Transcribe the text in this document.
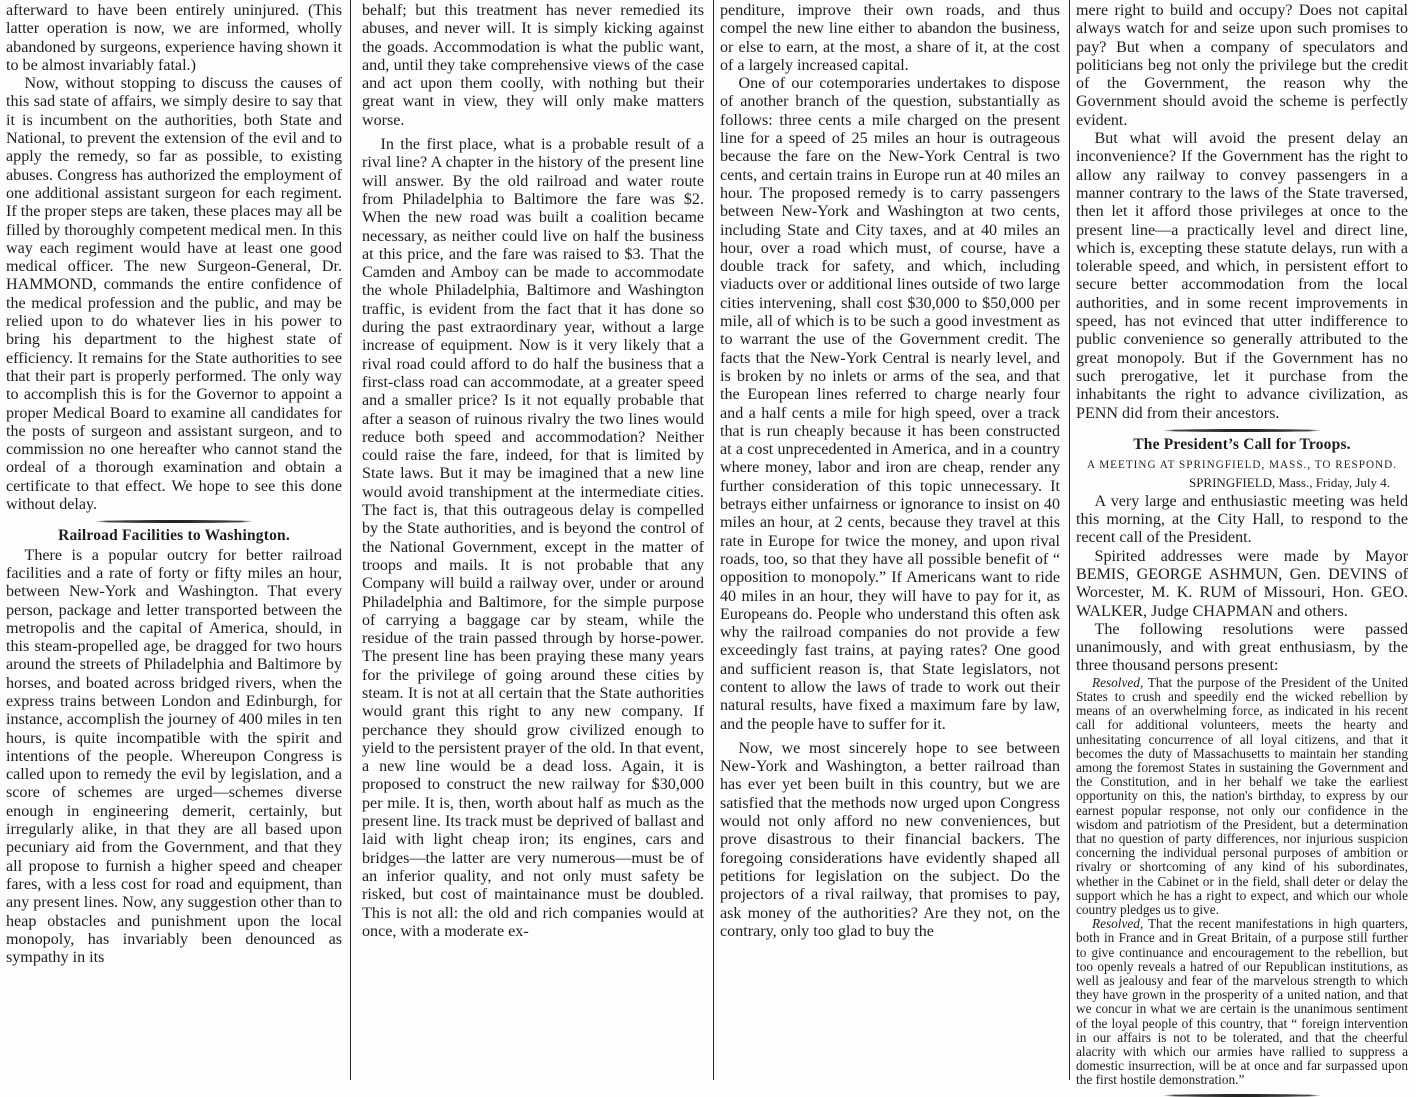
afterward to have been entirely uninjured. (This latter operation is now, we are informed, wholly abandoned by surgeons, experience having shown it to be almost invariably fatal.)

Now, without stopping to discuss the causes of this sad state of affairs, we simply desire to say that it is incumbent on the authorities, both State and National, to prevent the extension of the evil and to apply the remedy, so far as possible, to existing abuses. Congress has authorized the employment of one additional assistant surgeon for each regiment. If the proper steps are taken, these places may all be filled by thoroughly competent medical men. In this way each regiment would have at least one good medical officer. The new Surgeon-General, Dr. HAMMOND, commands the entire confidence of the medical profession and the public, and may be relied upon to do whatever lies in his power to bring his department to the highest state of efficiency. It remains for the State authorities to see that their part is properly performed. The only way to accomplish this is for the Governor to appoint a proper Medical Board to examine all candidates for the posts of surgeon and assistant surgeon, and to commission no one hereafter who cannot stand the ordeal of a thorough examination and obtain a certificate to that effect. We hope to see this done without delay.

Railroad Facilities to Washington.

There is a popular outcry for better railroad facilities and a rate of forty or fifty miles an hour, between New-York and Washington. That every person, package and letter transported between the metropolis and the capital of America, should, in this steam-propelled age, be dragged for two hours around the streets of Philadelphia and Baltimore by horses, and boated across bridged rivers, when the express trains between London and Edinburgh, for instance, accomplish the journey of 400 miles in ten hours, is quite incompatible with the spirit and intentions of the people. Whereupon Congress is called upon to remedy the evil by legislation, and a score of schemes are urged—schemes diverse enough in engineering demerit, certainly, but irregularly alike, in that they are all based upon pecuniary aid from the Government, and that they all propose to furnish a higher speed and cheaper fares, with a less cost for road and equipment, than any present lines. Now, any suggestion other than to heap obstacles and punishment upon the local monopoly, has invariably been denounced as sympathy in its

behalf; but this treatment has never remedied its abuses, and never will. It is simply kicking against the goads. Accommodation is what the public want, and, until they take comprehensive views of the case and act upon them coolly, with nothing but their great want in view, they will only make matters worse.

In the first place, what is a probable result of a rival line? A chapter in the history of the present line will answer. By the old railroad and water route from Philadelphia to Baltimore the fare was $2. When the new road was built a coalition became necessary, as neither could live on half the business at this price, and the fare was raised to $3. That the Camden and Amboy can be made to accommodate the whole Philadelphia, Baltimore and Washington traffic, is evident from the fact that it has done so during the past extraordinary year, without a large increase of equipment. Now is it very likely that a rival road could afford to do half the business that a first-class road can accommodate, at a greater speed and a smaller price? Is it not equally probable that after a season of ruinous rivalry the two lines would reduce both speed and accommodation? Neither could raise the fare, indeed, for that is limited by State laws. But it may be imagined that a new line would avoid transhipment at the intermediate cities. The fact is, that this outrageous delay is compelled by the State authorities, and is beyond the control of the National Government, except in the matter of troops and mails. It is not probable that any Company will build a railway over, under or around Philadelphia and Baltimore, for the simple purpose of carrying a baggage car by steam, while the residue of the train passed through by horse-power. The present line has been praying these many years for the privilege of going around these cities by steam. It is not at all certain that the State authorities would grant this right to any new company. If perchance they should grow civilized enough to yield to the persistent prayer of the old. In that event, a new line would be a dead loss. Again, it is proposed to construct the new railway for $30,000 per mile. It is, then, worth about half as much as the present line. Its track must be deprived of ballast and laid with light cheap iron; its engines, cars and bridges—the latter are very numerous—must be of an inferior quality, and not only must safety be risked, but cost of maintainance must be doubled. This is not all: the old and rich companies would at once, with a moderate ex-

penditure, improve their own roads, and thus compel the new line either to abandon the business, or else to earn, at the most, a share of it, at the cost of a largely increased capital.

One of our cotemporaries undertakes to dispose of another branch of the question, substantially as follows: three cents a mile charged on the present line for a speed of 25 miles an hour is outrageous because the fare on the New-York Central is two cents, and certain trains in Europe run at 40 miles an hour. The proposed remedy is to carry passengers between New-York and Washington at two cents, including State and City taxes, and at 40 miles an hour, over a road which must, of course, have a double track for safety, and which, including viaducts over or additional lines outside of two large cities intervening, shall cost $30,000 to $50,000 per mile, all of which is to be such a good investment as to warrant the use of the Government credit. The facts that the New-York Central is nearly level, and is broken by no inlets or arms of the sea, and that the European lines referred to charge nearly four and a half cents a mile for high speed, over a track that is run cheaply because it has been constructed at a cost unprecedented in America, and in a country where money, labor and iron are cheap, render any further consideration of this topic unnecessary. It betrays either unfairness or ignorance to insist on 40 miles an hour, at 2 cents, because they travel at this rate in Europe for twice the money, and upon rival roads, too, so that they have all possible benefit of “ opposition to monopoly.” If Americans want to ride 40 miles in an hour, they will have to pay for it, as Europeans do. People who understand this often ask why the railroad companies do not provide a few exceedingly fast trains, at paying rates? One good and sufficient reason is, that State legislators, not content to allow the laws of trade to work out their natural results, have fixed a maximum fare by law, and the people have to suffer for it.

Now, we most sincerely hope to see between New-York and Washington, a better railroad than has ever yet been built in this country, but we are satisfied that the methods now urged upon Congress would not only afford no new conveniences, but prove disastrous to their financial backers. The foregoing considerations have evidently shaped all petitions for legislation on the subject. Do the projectors of a rival railway, that promises to pay, ask money of the authorities? Are they not, on the contrary, only too glad to buy the

mere right to build and occupy? Does not capital always watch for and seize upon such promises to pay? But when a company of speculators and politicians beg not only the privilege but the credit of the Government, the reason why the Government should avoid the scheme is perfectly evident.

But what will avoid the present delay an inconvenience? If the Government has the right to allow any railway to convey passengers in a manner contrary to the laws of the State traversed, then let it afford those privileges at once to the present line—a practically level and direct line, which is, excepting these statute delays, run with a tolerable speed, and which, in persistent effort to secure better accommodation from the local authorities, and in some recent improvements in speed, has not evinced that utter indifference to public convenience so generally attributed to the great monopoly. But if the Government has no such prerogative, let it purchase from the inhabitants the right to advance civilization, as PENN did from their ancestors.

The President’s Call for Troops.
A MEETING AT SPRINGFIELD, MASS., TO RESPOND.
SPRINGFIELD, Mass., Friday, July 4.

A very large and enthusiastic meeting was held this morning, at the City Hall, to respond to the recent call of the President.

Spirited addresses were made by Mayor BEMIS, GEORGE ASHMUN, Gen. DEVINS of Worcester, M. K. RUM of Missouri, Hon. GEO. WALKER, Judge CHAPMAN and others.

The following resolutions were passed unanimously, and with great enthusiasm, by the three thousand persons present:

Resolved, That the purpose of the President of the United States to crush and speedily end the wicked rebellion by means of an overwhelming force, as indicated in his recent call for additional volunteers, meets the hearty and unhesitating concurrence of all loyal citizens, and that it becomes the duty of Massachusetts to maintain her standing among the foremost States in sustaining the Government and the Constitution, and in her behalf we take the earliest opportunity on this, the nation's birthday, to express by our earnest popular response, not only our confidence in the wisdom and patriotism of the President, but a determination that no question of party differences, nor injurious suspicion concerning the individual personal purposes of ambition or rivalry or shortcoming of any kind of his subordinates, whether in the Cabinet or in the field, shall deter or delay the support which he has a right to expect, and which our whole country pledges us to give.

Resolved, That the recent manifestations in high quarters, both in France and in Great Britain, of a purpose still further to give continuance and encouragement to the rebellion, but too openly reveals a hatred of our Republican institutions, as well as jealousy and fear of the marvelous strength to which they have grown in the prosperity of a united nation, and that we concur in what we are certain is the unanimous sentiment of the loyal people of this country, that “ foreign intervention in our affairs is not to be tolerated, and that the cheerful alacrity with which our armies have rallied to suppress a domestic insurrection, will be at once and far surpassed upon the first hostile demonstration.”
